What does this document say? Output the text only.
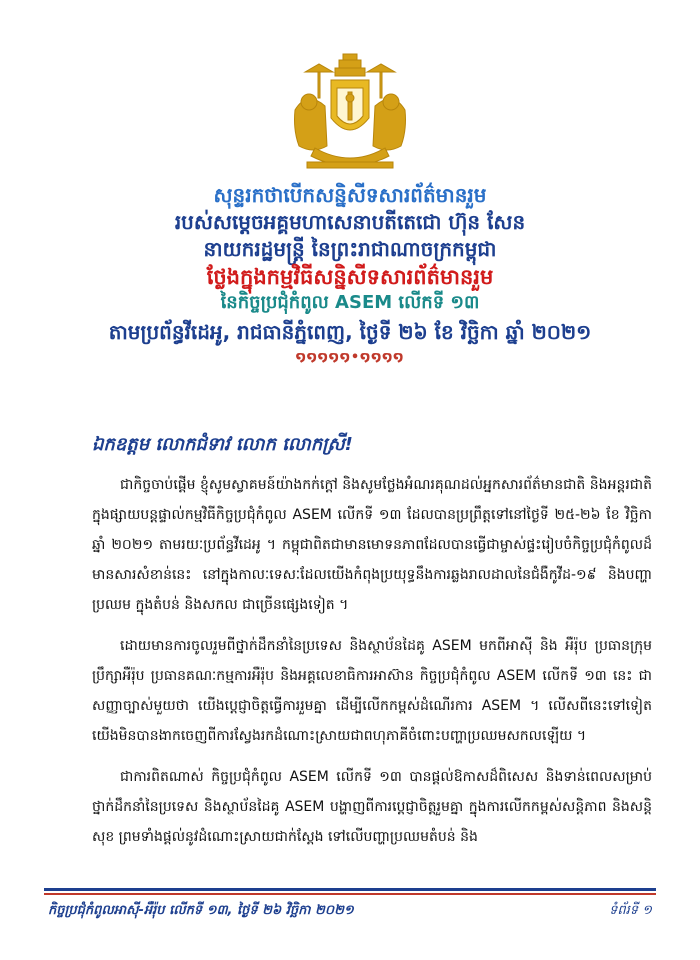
សុន្ទរកថាបើកសន្និសីទសារព័ត៌មានរួម
របស់សម្ដេចអគ្គមហាសេនាបតីតេជោ ហ៊ុន សែន
នាយករដ្ឋមន្ត្រី នៃព្រះរាជាណាចក្រកម្ពុជា
ថ្លែងក្នុងកម្មវិធីសន្និសីទសារព័ត៌មានរួម
នៃកិច្ចប្រជុំកំពូល ASEM លើកទី ១៣
តាមប្រព័ន្ធវីដេអូ, រាជធានីភ្នំពេញ, ថ្ងៃទី ២៦ ខែ វិច្ឆិកា ឆ្នាំ ២០២១
໑໑໑໑໑•໑໑໑໑
ឯកឧត្តម លោកជំទាវ លោក លោកស្រី!

ជាកិច្ចចាប់ផ្ដើម ខ្ញុំសូមស្វាគមន៍យ៉ាងកក់ក្ដៅ និងសូមថ្លែងអំណរគុណដល់អ្នកសារព័ត៌មានជាតិ និងអន្តរជាតិ ក្នុងផ្សាយបន្តផ្ទាល់កម្មវិធីកិច្ចប្រជុំកំពូល ASEM លើកទី ១៣ ដែលបានប្រព្រឹត្តទៅនៅថ្ងៃទី ២៥-២៦ ខែ វិច្ឆិកា ឆ្នាំ ២០២១ តាមរយៈប្រព័ន្ធវីដេអូ ។ កម្ពុជាពិតជាមានមោទនភាពដែលបានធ្វើជាម្ចាស់ផ្ទះរៀបចំកិច្ចប្រជុំកំពូលដ៏មានសារសំខាន់នេះ នៅក្នុងកាលៈទេសៈដែលយើងកំពុងប្រយុទ្ធនឹងការឆ្លងរាលដាលនៃជំងឺកូវីដ-១៩ និងបញ្ហាប្រឈម ក្នុងតំបន់ និងសកល ជាច្រើនផ្សេងទៀត ។

ដោយមានការចូលរួមពីថ្នាក់ដឹកនាំនៃប្រទេស និងស្ថាប័នដៃគូ ASEM មកពីអាស៊ី និង អឺរ៉ុប ប្រធានក្រុមប្រឹក្សាអឺរ៉ុប ប្រធានគណៈកម្មការអឺរ៉ុប និងអគ្គលេខាធិការអាស៊ាន កិច្ចប្រជុំកំពូល ASEM លើកទី ១៣ នេះ ជាសញ្ញាច្បាស់មួយថា យើងប្ដេជ្ញាចិត្តធ្វើការរួមគ្នា ដើម្បីលើកកម្ពស់ដំណើរការ ASEM ។ លើសពីនេះទៅទៀត យើងមិនបានងាកចេញពីការស្វែងរកដំណោះស្រាយជាពហុភាគីចំពោះបញ្ហាប្រឈមសកលឡើយ ។

ជាការពិតណាស់ កិច្ចប្រជុំកំពូល ASEM លើកទី ១៣ បានផ្ដល់ឱកាសដ៏ពិសេស និងទាន់ពេលសម្រាប់ថ្នាក់ដឹកនាំនៃប្រទេស និងស្ថាប័នដៃគូ ASEM បង្ហាញពីការប្ដេជ្ញាចិត្តរួមគ្នា ក្នុងការលើកកម្ពស់សន្តិភាព និងសន្តិសុខ ព្រមទាំងផ្ដល់នូវដំណោះស្រាយជាក់ស្ដែង ទៅលើបញ្ហាប្រឈមតំបន់ និង

កិច្ចប្រជុំកំពូលអាស៊ី-អឺរ៉ុប លើកទី ១៣, ថ្ងៃទី ២៦ វិច្ឆិកា ២០២១	ទំព័រទី ១
